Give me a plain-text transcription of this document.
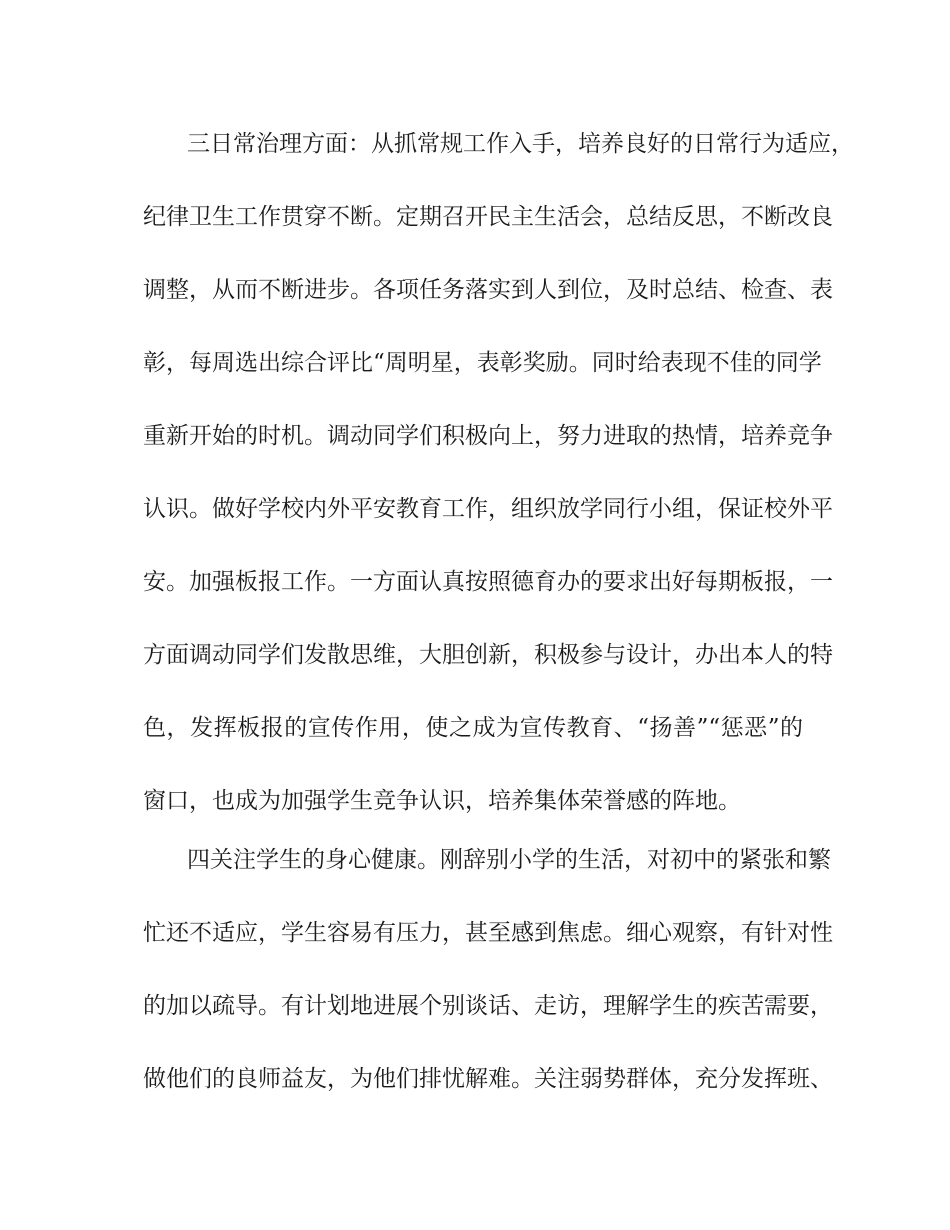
三日常治理方面：从抓常规工作入手，培养良好的日常行为适应，
纪律卫生工作贯穿不断。定期召开民主生活会，总结反思，不断改良
调整，从而不断进步。各项任务落实到人到位，及时总结、检查、表
彰，每周选出综合评比“周明星，表彰奖励。同时给表现不佳的同学
重新开始的时机。调动同学们积极向上，努力进取的热情，培养竞争
认识。做好学校内外平安教育工作，组织放学同行小组，保证校外平
安。加强板报工作。一方面认真按照德育办的要求出好每期板报，一
方面调动同学们发散思维，大胆创新，积极参与设计，办出本人的特
色，发挥板报的宣传作用，使之成为宣传教育、“扬善”“惩恶”的
窗口，也成为加强学生竞争认识，培养集体荣誉感的阵地。
四关注学生的身心健康。刚辞别小学的生活，对初中的紧张和繁
忙还不适应，学生容易有压力，甚至感到焦虑。细心观察，有针对性
的加以疏导。有计划地进展个别谈话、走访，理解学生的疾苦需要，
做他们的良师益友，为他们排忧解难。关注弱势群体，充分发挥班、
